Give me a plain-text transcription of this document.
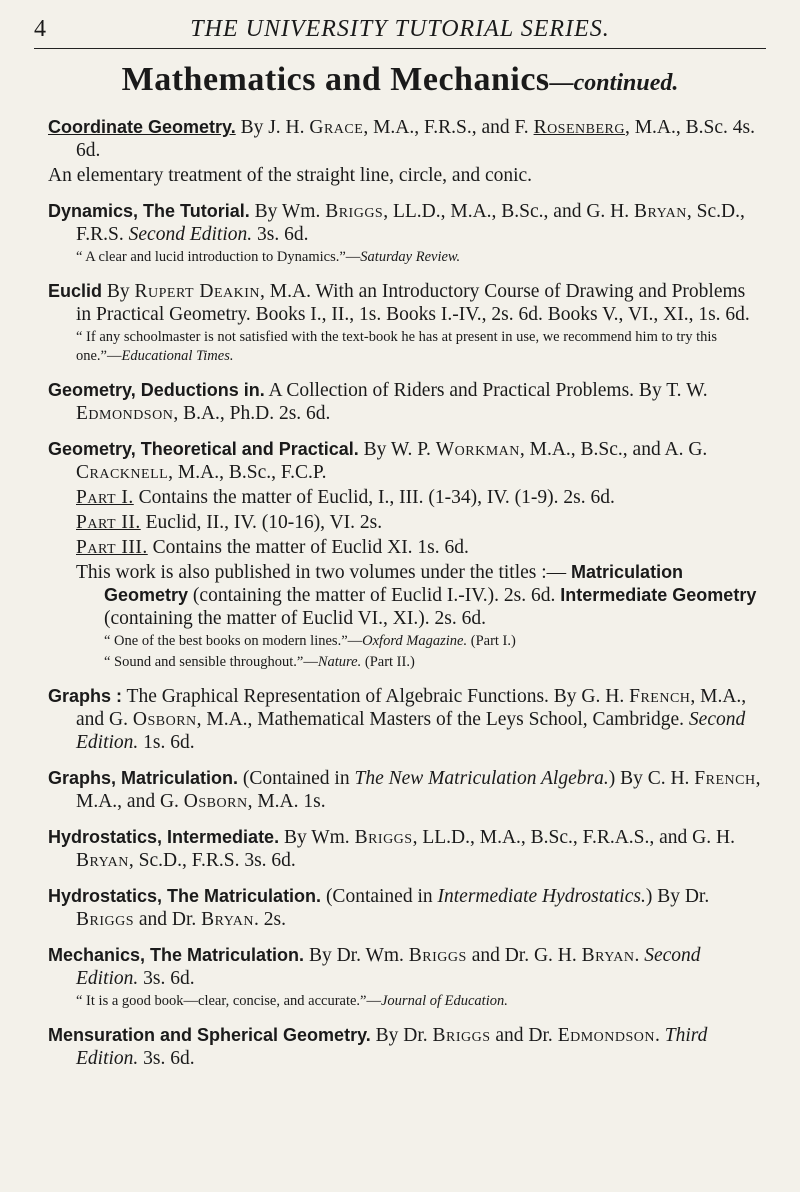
4	THE UNIVERSITY TUTORIAL SERIES.
Mathematics and Mechanics—continued.
Coordinate Geometry. By J. H. Grace, M.A., F.R.S., and F. Rosenberg, M.A., B.Sc. 4s. 6d.
An elementary treatment of the straight line, circle, and conic.
Dynamics, The Tutorial. By Wm. Briggs, LL.D., M.A., B.Sc., and G. H. Bryan, Sc.D., F.R.S. Second Edition. 3s. 6d.
“ A clear and lucid introduction to Dynamics.”—Saturday Review.
Euclid By Rupert Deakin, M.A. With an Introductory Course of Drawing and Problems in Practical Geometry. Books I., II., 1s. Books I.-IV., 2s. 6d. Books V., VI., XI., 1s. 6d.
“ If any schoolmaster is not satisfied with the text-book he has at present in use, we recommend him to try this one.”—Educational Times.
Geometry, Deductions in. A Collection of Riders and Practical Problems. By T. W. Edmondson, B.A., Ph.D. 2s. 6d.
Geometry, Theoretical and Practical. By W. P. Workman, M.A., B.Sc., and A. G. Cracknell, M.A., B.Sc., F.C.P.
Part I. Contains the matter of Euclid, I., III. (1-34), IV. (1-9). 2s. 6d.
Part II. Euclid, II., IV. (10-16), VI. 2s.
Part III. Contains the matter of Euclid XI. 1s. 6d.
This work is also published in two volumes under the titles :— Matriculation Geometry (containing the matter of Euclid I.-IV.). 2s. 6d. Intermediate Geometry (containing the matter of Euclid VI., XI.). 2s. 6d.
“ One of the best books on modern lines.”—Oxford Magazine. (Part I.)
“ Sound and sensible throughout.”—Nature. (Part II.)
Graphs : The Graphical Representation of Algebraic Functions. By G. H. French, M.A., and G. Osborn, M.A., Mathematical Masters of the Leys School, Cambridge. Second Edition. 1s. 6d.
Graphs, Matriculation. (Contained in The New Matriculation Algebra.) By C. H. French, M.A., and G. Osborn, M.A. 1s.
Hydrostatics, Intermediate. By Wm. Briggs, LL.D., M.A., B.Sc., F.R.A.S., and G. H. Bryan, Sc.D., F.R.S. 3s. 6d.
Hydrostatics, The Matriculation. (Contained in Intermediate Hydrostatics.) By Dr. Briggs and Dr. Bryan. 2s.
Mechanics, The Matriculation. By Dr. Wm. Briggs and Dr. G. H. Bryan. Second Edition. 3s. 6d.
“ It is a good book—clear, concise, and accurate.”—Journal of Education.
Mensuration and Spherical Geometry. By Dr. Briggs and Dr. Edmondson. Third Edition. 3s. 6d.
